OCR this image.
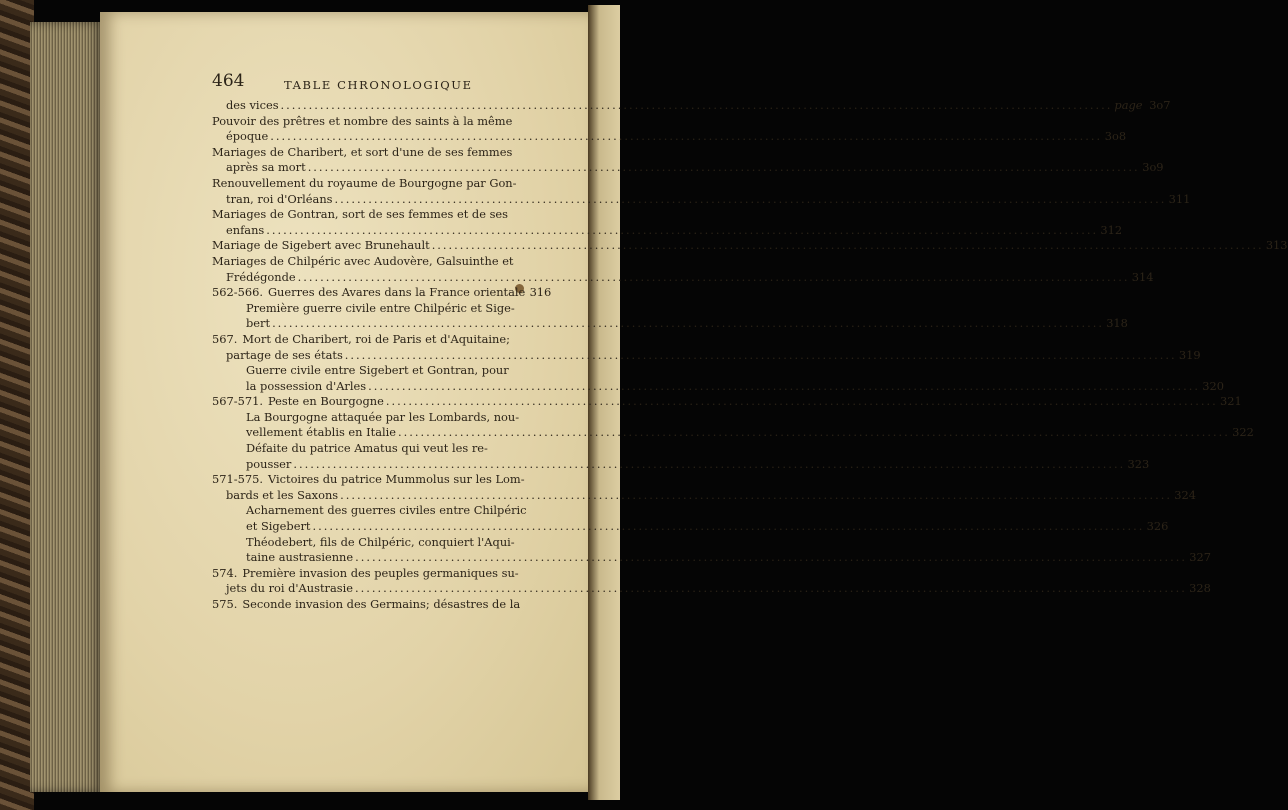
464	TABLE CHRONOLOGIQUE
des vices .....	page 3o7
Pouvoir des prêtres et nombre des saints à la même
époque .....	3o8
Mariages de Charibert, et sort d'une de ses femmes
après sa mort .....	3o9
Renouvellement du royaume de Bourgogne par Gon-
tran, roi d'Orléans .....	311
Mariages de Gontran, sort de ses femmes et de ses
enfans .....	312
Mariage de Sigebert avec Brunehault .....	313
Mariages de Chilpéric avec Audovère, Galsuinthe et
Frédégonde .....	314
562-566. Guerres des Avares dans la France orientale 316
Première guerre civile entre Chilpéric et Sige-
bert .....	318
567. Mort de Charibert, roi de Paris et d'Aquitaine;
partage de ses états .....	319
Guerre civile entre Sigebert et Gontran, pour
la possession d'Arles .....	320
567-571. Peste en Bourgogne .....	321
La Bourgogne attaquée par les Lombards, nou-
vellement établis en Italie .....	322
Défaite du patrice Amatus qui veut les re-
pousser .....	323
571-575. Victoires du patrice Mummolus sur les Lom-
bards et les Saxons .....	324
Acharnement des guerres civiles entre Chilpéric
et Sigebert .....	326
Théodebert, fils de Chilpéric, conquiert l'Aqui-
taine austrasienne .....	327
574. Première invasion des peuples germaniques su-
jets du roi d'Austrasie .....	328
575. Seconde invasion des Germains; désastres de la
